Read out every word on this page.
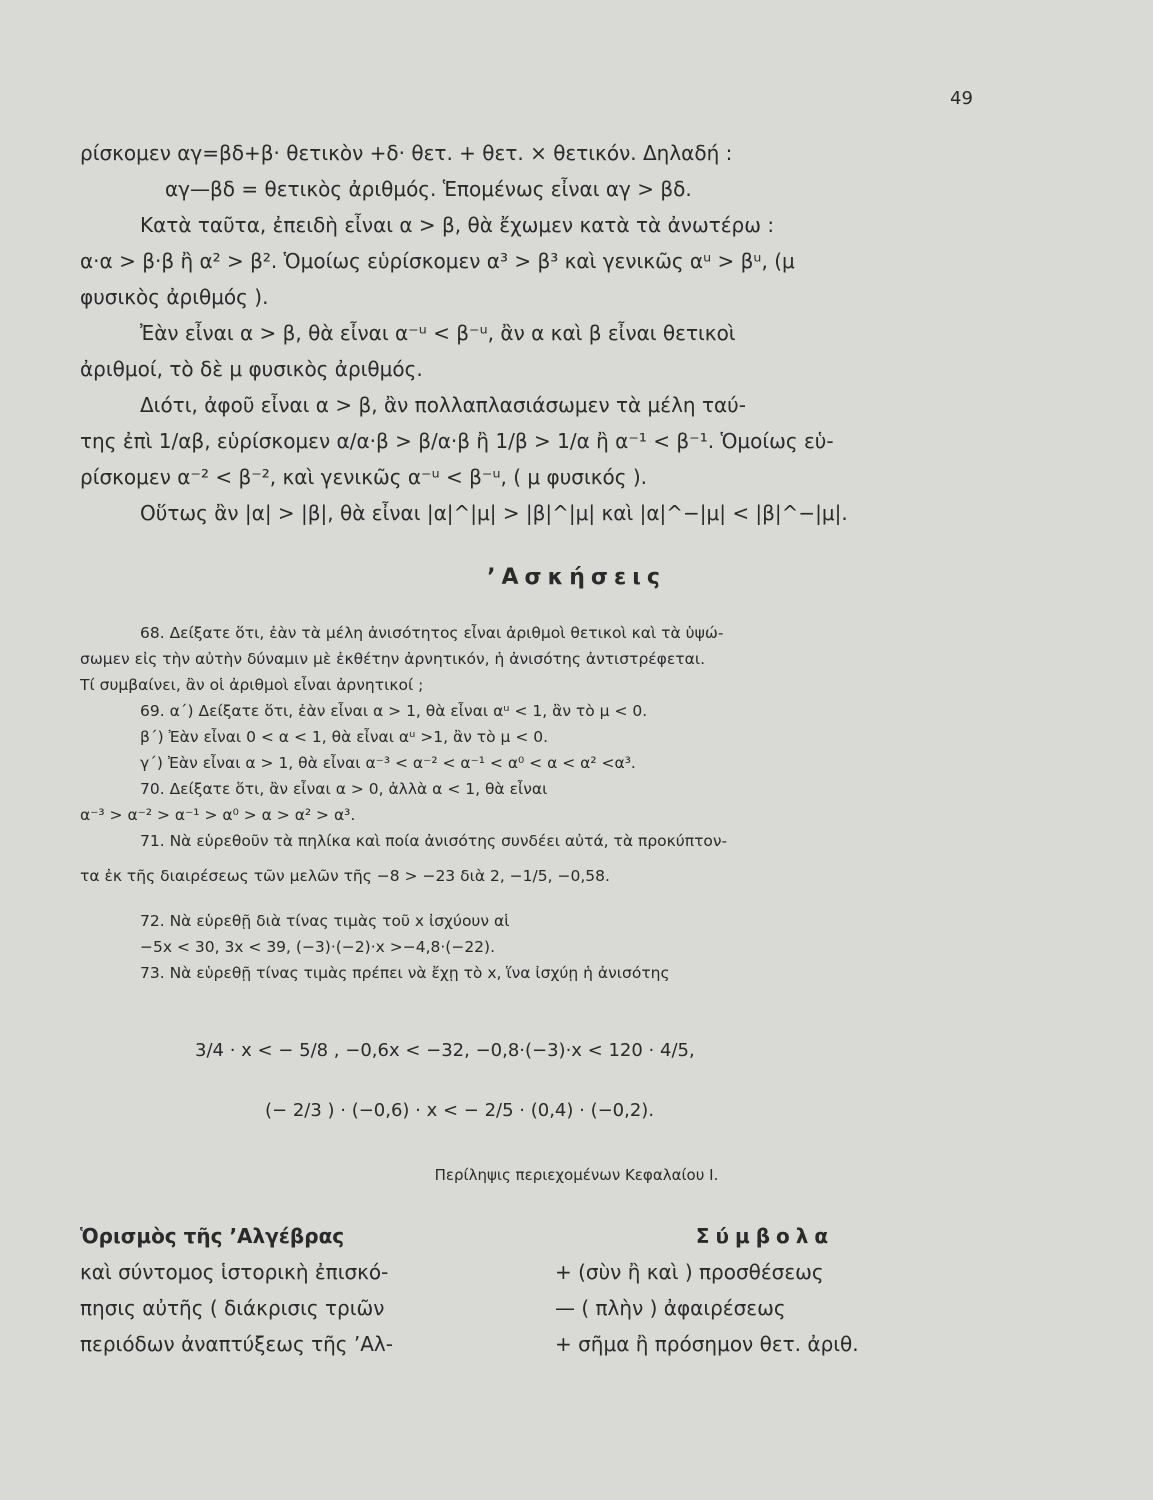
49
ρίσκομεν αγ=βδ+β· θετικὸν +δ· θετ. + θετ. × θετικόν. Δηλαδή :
αγ—βδ = θετικὸς ἀριθμός. Ἑπομένως εἶναι αγ > βδ.
Κατὰ ταῦτα, ἐπειδὴ εἶναι α > β, θὰ ἔχωμεν κατὰ τὰ ἀνωτέρω :
α·α > β·β ἢ α² > β². Ὁμοίως εὑρίσκομεν α³ > β³ καὶ γενικῶς αᵘ > βᵘ, (μ
φυσικὸς ἀριθμός ).
Ἐὰν εἶναι α > β, θὰ εἶναι α⁻ᵘ < β⁻ᵘ, ἂν α καὶ β εἶναι θετικοὶ
ἀριθμοί, τὸ δὲ μ φυσικὸς ἀριθμός.
Διότι, ἀφοῦ εἶναι α > β, ἂν πολλαπλασιάσωμεν τὰ μέλη ταύ-
της ἐπὶ 1/αβ, εὑρίσκομεν α/α·β > β/α·β ἢ 1/β > 1/α ἢ α⁻¹ < β⁻¹. Ὁμοίως εὑ-
ρίσκομεν α⁻² < β⁻², καὶ γενικῶς α⁻ᵘ < β⁻ᵘ, ( μ φυσικός ).
Οὕτως ἂν |α| > |β|, θὰ εἶναι |α|^|μ| > |β|^|μ| καὶ |α|^−|μ| < |β|^−|μ|.
’Ασκήσεις
68. Δείξατε ὅτι, ἐὰν τὰ μέλη ἀνισότητος εἶναι ἀριθμοὶ θετικοὶ καὶ τὰ ὑψώ-
σωμεν εἰς τὴν αὐτὴν δύναμιν μὲ ἐκθέτην ἀρνητικόν, ἡ ἀνισότης ἀντιστρέφεται.
Τί συμβαίνει, ἂν οἱ ἀριθμοὶ εἶναι ἀρνητικοί ;
69. α΄) Δείξατε ὅτι, ἐὰν εἶναι α > 1, θὰ εἶναι αᵘ < 1, ἂν τὸ μ < 0.
β΄) Ἐὰν εἶναι 0 < α < 1, θὰ εἶναι αᵘ >1, ἂν τὸ μ < 0.
γ΄) Ἐὰν εἶναι α > 1, θὰ εἶναι α⁻³ < α⁻² < α⁻¹ < α⁰ < α < α² <α³.
70. Δείξατε ὅτι, ἂν εἶναι α > 0, ἀλλὰ α < 1, θὰ εἶναι
α⁻³ > α⁻² > α⁻¹ > α⁰ > α > α² > α³.
71. Νὰ εὑρεθοῦν τὰ πηλίκα καὶ ποία ἀνισότης συνδέει αὐτά, τὰ προκύπτον-
τα ἐκ τῆς διαιρέσεως τῶν μελῶν τῆς −8 > −23 διὰ 2, −1/5, −0,58.
72. Νὰ εὑρεθῇ διὰ τίνας τιμὰς τοῦ x ἰσχύουν αἱ
−5x < 30, 3x < 39, (−3)·(−2)·x >−4,8·(−22).
73. Νὰ εὑρεθῇ τίνας τιμὰς πρέπει νὰ ἔχῃ τὸ x, ἵνα ἰσχύῃ ἡ ἀνισότης
3/4 · x < − 5/8 , −0,6x < −32, −0,8·(−3)·x < 120 · 4/5,
(− 2/3 ) · (−0,6) · x < − 2/5 · (0,4) · (−0,2).
Περίληψις περιεχομένων Κεφαλαίου Ι.
Ὁρισμὸς τῆς ’Αλγέβρας
καὶ σύντομος ἱστορικὴ ἐπισκό-
πησις αὐτῆς ( διάκρισις τριῶν
περιόδων ἀναπτύξεως τῆς ’Αλ-
Σύμβολα
+ (σὺν ἢ καὶ ) προσθέσεως
— ( πλὴν ) ἀφαιρέσεως
+ σῆμα ἢ πρόσημον θετ. ἀριθ.
